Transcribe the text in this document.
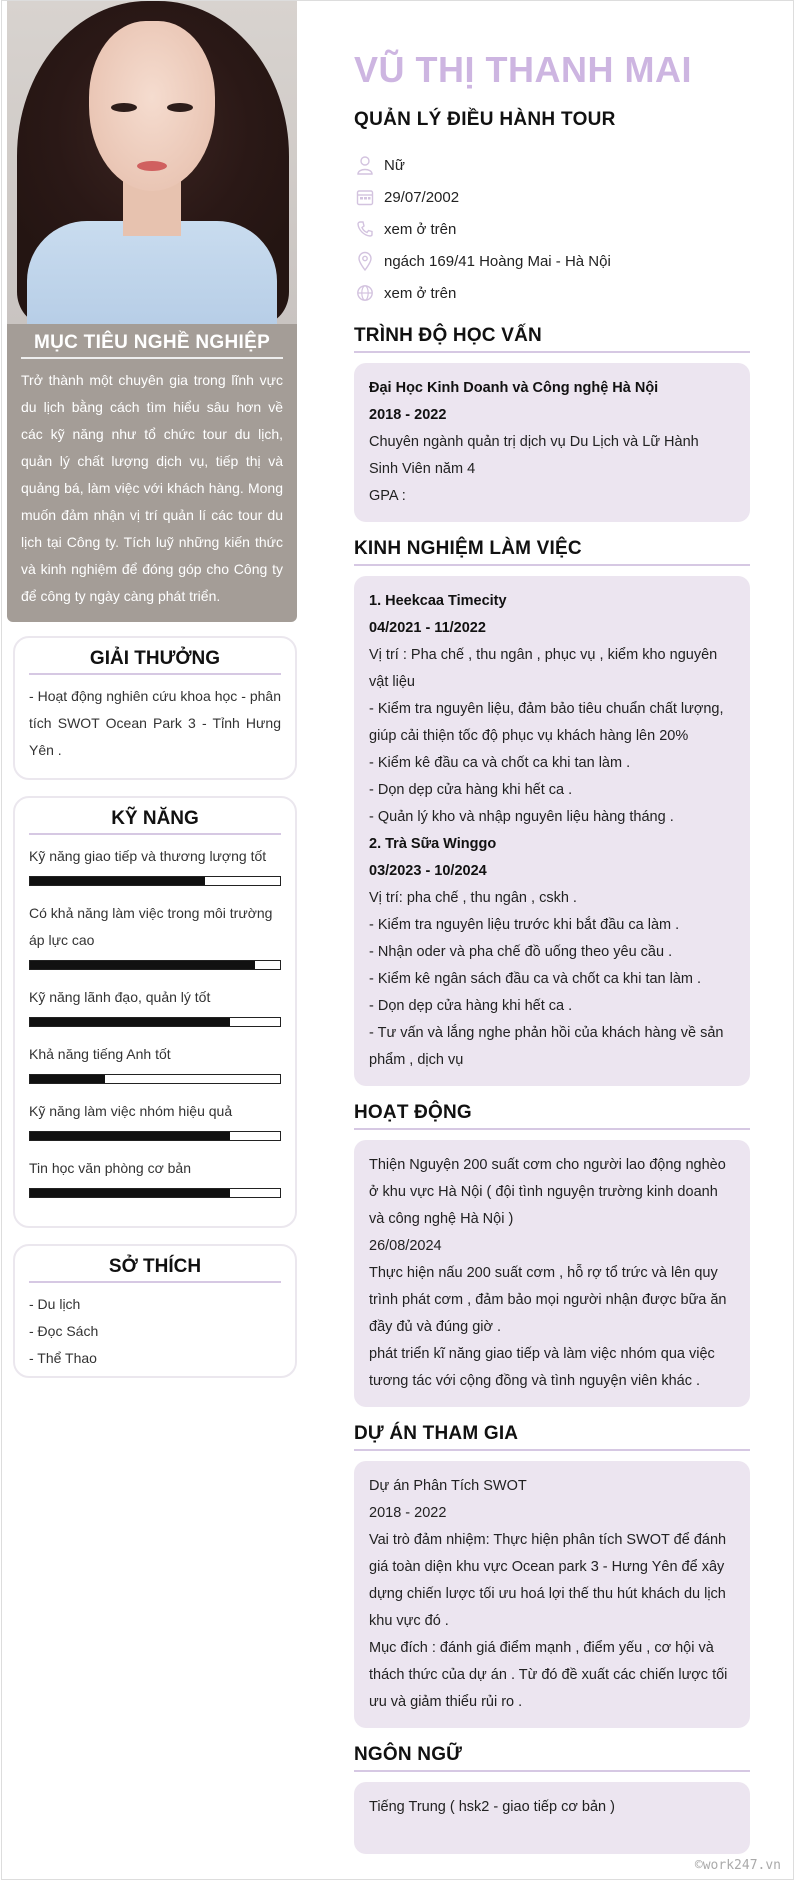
MỤC TIÊU NGHỀ NGHIỆP

Trở thành một chuyên gia trong lĩnh vực du lịch bằng cách tìm hiểu sâu hơn về các kỹ năng như tổ chức tour du lịch, quản lý chất lượng dịch vụ, tiếp thị và quảng bá, làm việc với khách hàng. Mong muốn đảm nhận vị trí quản lí các tour du lịch tại Công ty. Tích luỹ những kiến thức và kinh nghiệm để đóng góp cho Công ty để công ty ngày càng phát triển.

GIẢI THƯỞNG

- Hoạt động nghiên cứu khoa học - phân tích SWOT Ocean Park 3 - Tỉnh Hưng Yên .

KỸ NĂNG
Kỹ năng giao tiếp và thương lượng tốt
Có khả năng làm việc trong môi trường áp lực cao
Kỹ năng lãnh đạo, quản lý tốt
Khả năng tiếng Anh tốt
Kỹ năng làm việc nhóm hiệu quả
Tin học văn phòng cơ bản
SỞ THÍCH
- Du lịch
- Đọc Sách
- Thể Thao
VŨ THỊ THANH MAI
QUẢN LÝ ĐIỀU HÀNH TOUR
Nữ
29/07/2002
xem ở trên
ngách 169/41 Hoàng Mai - Hà Nội
xem ở trên
TRÌNH ĐỘ HỌC VẤN

Đại Học Kinh Doanh và Công nghệ Hà Nội

2018 - 2022

Chuyên ngành quản trị dịch vụ Du Lịch và Lữ Hành

Sinh Viên năm 4

GPA :

KINH NGHIỆM LÀM VIỆC

1. Heekcaa Timecity

04/2021 - 11/2022

Vị trí : Pha chế , thu ngân , phục vụ , kiểm kho nguyên vật liệu

- Kiểm tra nguyên liệu, đảm bảo tiêu chuẩn chất lượng, giúp cải thiện tốc độ phục vụ khách hàng lên 20%

- Kiểm kê đầu ca và chốt ca khi tan làm .

- Dọn dẹp cửa hàng khi hết ca .

- Quản lý kho và nhập nguyên liệu hàng tháng .

2. Trà Sữa Winggo

03/2023 - 10/2024

Vị trí: pha chế , thu ngân , cskh .

- Kiểm tra nguyên liệu trước khi bắt đầu ca làm .

- Nhận oder và pha chế đồ uống theo yêu cầu .

- Kiểm kê ngân sách đầu ca và chốt ca khi tan làm .

- Dọn dẹp cửa hàng khi hết ca .

- Tư vấn và lắng nghe phản hồi của khách hàng về sản phẩm , dịch vụ

HOẠT ĐỘNG

Thiện Nguyện 200 suất cơm cho người lao động nghèo ở khu vực Hà Nội ( đội tình nguyện trường kinh doanh và công nghệ Hà Nội )

26/08/2024

Thực hiện nấu 200 suất cơm , hỗ rợ tổ trức và lên quy trình phát cơm , đảm bảo mọi người nhận được bữa ăn đầy đủ và đúng giờ .

phát triển kĩ năng giao tiếp và làm việc nhóm qua việc tương tác với cộng đồng và tình nguyện viên khác .

DỰ ÁN THAM GIA

Dự án Phân Tích SWOT

2018 - 2022

Vai trò đảm nhiệm: Thực hiện phân tích SWOT để đánh giá toàn diện khu vực Ocean park 3 - Hưng Yên để xây dựng chiến lược tối ưu hoá lợi thế thu hút khách du lịch khu vực đó .

Mục đích : đánh giá điểm mạnh , điểm yếu , cơ hội và thách thức của dự án . Từ đó đề xuất các chiến lược tối ưu và giảm thiểu rủi ro .

NGÔN NGỮ

Tiếng Trung ( hsk2 - giao tiếp cơ bản )

©work247.vn
